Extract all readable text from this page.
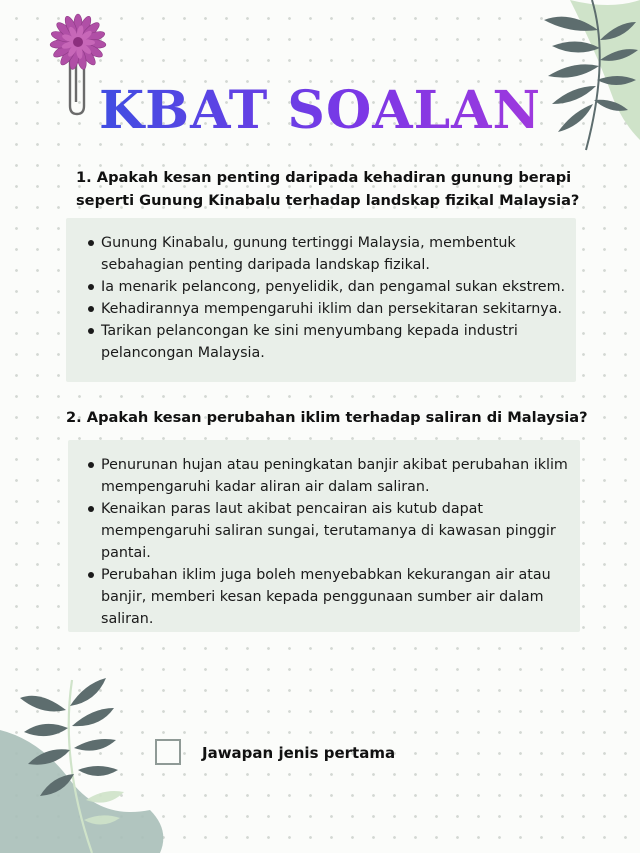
KBAT SOALAN
1. Apakah kesan penting daripada kehadiran gunung berapi seperti Gunung Kinabalu terhadap landskap fizikal Malaysia?
Gunung Kinabalu, gunung tertinggi Malaysia, membentuk sebahagian penting daripada landskap fizikal.
Ia menarik pelancong, penyelidik, dan pengamal sukan ekstrem.
Kehadirannya mempengaruhi iklim dan persekitaran sekitarnya.
Tarikan pelancongan ke sini menyumbang kepada industri pelancongan Malaysia.
2. Apakah kesan perubahan iklim terhadap saliran di Malaysia?
Penurunan hujan atau peningkatan banjir akibat perubahan iklim mempengaruhi kadar aliran air dalam saliran.
Kenaikan paras laut akibat pencairan ais kutub dapat mempengaruhi saliran sungai, terutamanya di kawasan pinggir pantai.
Perubahan iklim juga boleh menyebabkan kekurangan air atau banjir, memberi kesan kepada penggunaan sumber air dalam saliran.
Jawapan jenis pertama
